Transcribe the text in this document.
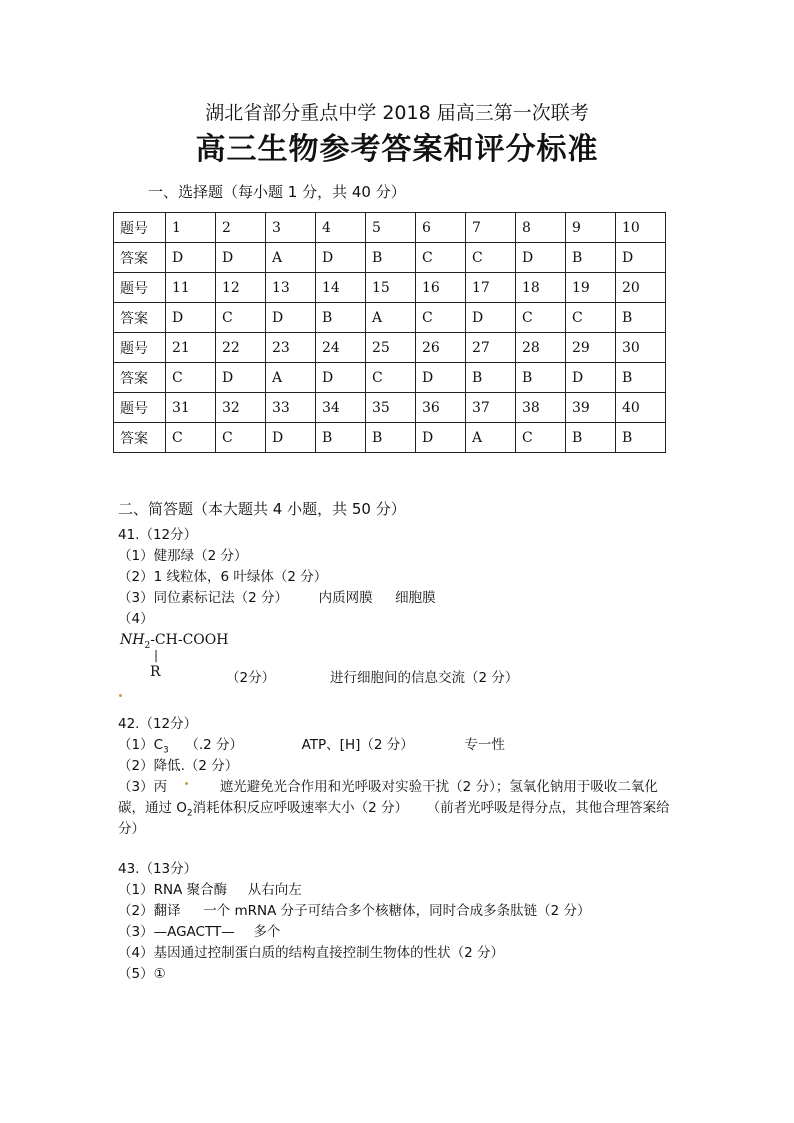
湖北省部分重点中学 2018 届高三第一次联考
高三生物参考答案和评分标准
一、选择题（每小题 1 分，共 40 分）
题号	1	2	3	4	5	6	7	8	9	10
答案	D	D	A	D	B	C	C	D	B	D
题号	11	12	13	14	15	16	17	18	19	20
答案	D	C	D	B	A	C	D	C	C	B
题号	21	22	23	24	25	26	27	28	29	30
答案	C	D	A	D	C	D	B	B	D	B
题号	31	32	33	34	35	36	37	38	39	40
答案	C	C	D	B	B	D	A	C	B	B
二、简答题（本大题共 4 小题，共 50 分）
41.（12分）
（1）健那绿（2 分）
（2）1 线粒体，6 叶绿体（2 分）
（3）同位素标记法（2 分） 内质网膜 细胞膜
（4）
$NH_2-CH$-COOH
|
R	（2分）	进行细胞间的信息交流（2 分）
42.（12分）
$(1)C_3$ （.2 分）	ATP、[H]（2 分）	专一性
（2）降低.（2 分）
（3）丙	遮光避免光合作用和光呼吸对实验干扰（2 分）；氢氧化钠用于吸收二氧化
碳，通过 $O_2$消耗体积反应呼吸速率大小（2 分） （前者光呼吸是得分点，其他合理答案给
分）
43.（13分）
（1）RNA 聚合酶 从右向左
（2）翻译 一个 mRNA 分子可结合多个核糖体，同时合成多条肽链（2 分）
（3）—AGACTT— 多个
（4）基因通过控制蛋白质的结构直接控制生物体的性状（2 分）
（5）①
